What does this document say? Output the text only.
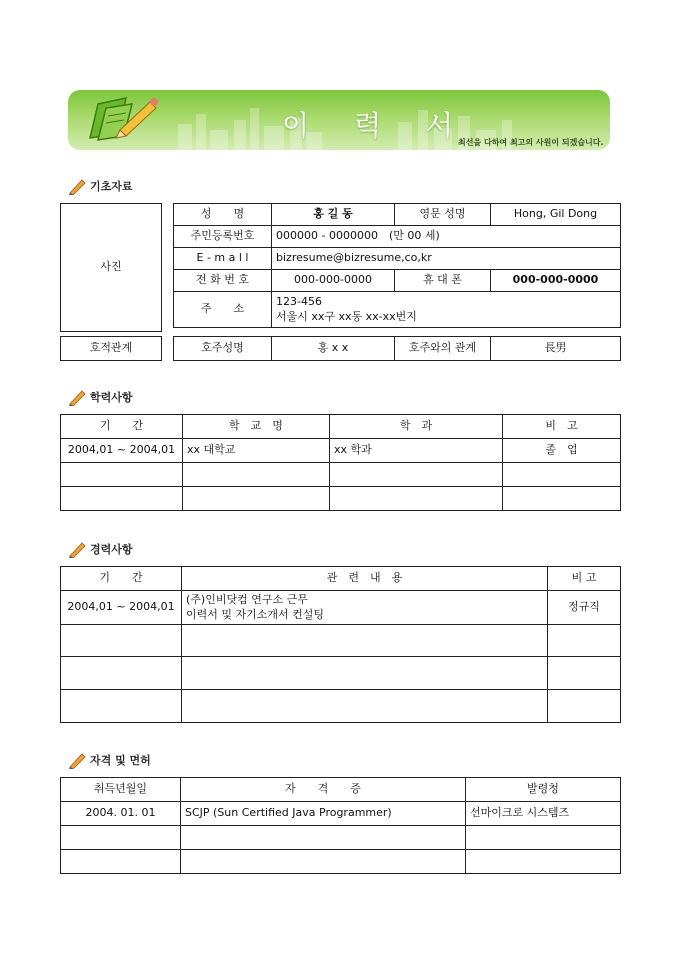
이 력 서
최선을 다하여 최고의 사원이 되겠습니다.
기초자료
사진
성　　명	홍 길 동	영문 성명	Hong, Gil Dong
주민등록번호	000000 - 0000000　(만 00 세)		
E - m a l l	bizresume@bizresume,co,kr		
전 화 번 호	000-000-0000	휴 대 폰	000-000-0000
주　　소	123-456
서울시 xx구 xx동 xx-xx번지		
호적관계	호주성명	홍 x x	호주와의 관계	長男
학력사항
기　　간	학　교　명	학　과	비　고
2004,01 ~ 2004,01	xx 대학교	xx 학과	졸　업

경력사항
기　　간	관　련　내　용	비 고
2004,01 ~ 2004,01	(주)인비닷컴 연구소 근무
이력서 및 자기소개서 컨설팅	정규직

자격 및 면허
취득년월일	자　　격　　증	발령청
2004. 01. 01	SCJP (Sun Certified Java Programmer)	선마이크로 시스템즈
